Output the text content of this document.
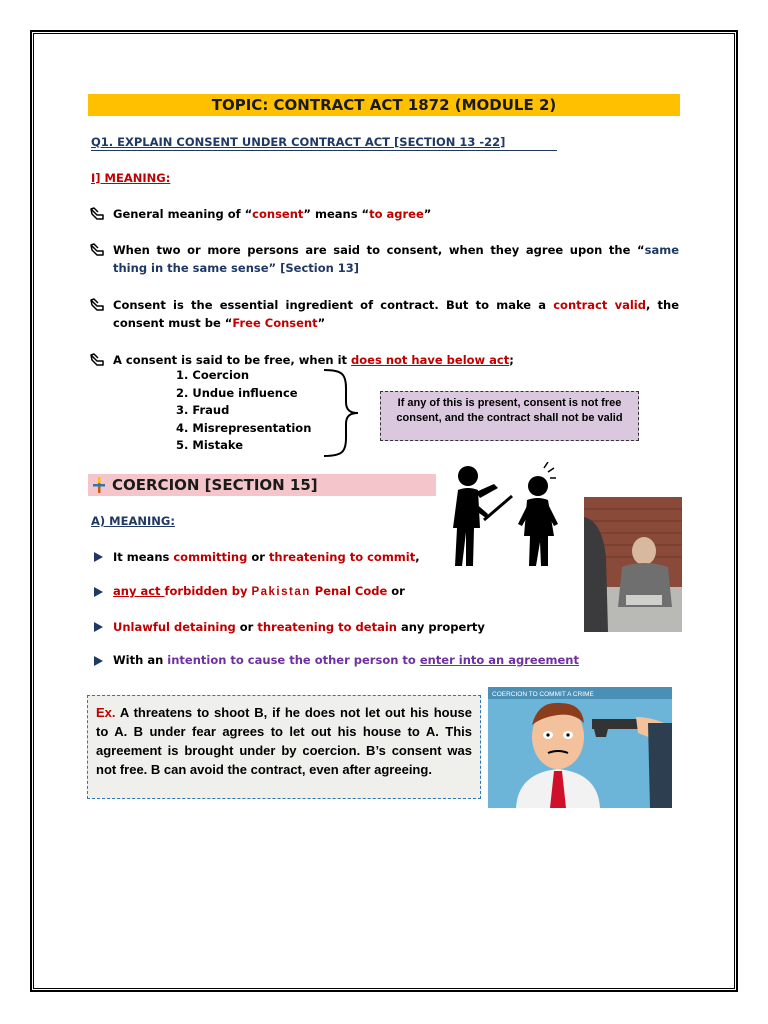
TOPIC: CONTRACT ACT 1872 (MODULE 2)
Q1. EXPLAIN CONSENT UNDER CONTRACT ACT [SECTION 13 -22]
I] MEANING:
General meaning of “consent” means “to agree”
When two or more persons are said to consent, when they agree upon the “same thing in the same sense” [Section 13]
Consent is the essential ingredient of contract. But to make a contract valid, the consent must be “Free Consent”
A consent is said to be free, when it does not have below act;
1. Coercion
2. Undue influence
3. Fraud
4. Misrepresentation
5. Mistake
If any of this is present, consent is not free consent, and the contract shall not be valid
COERCION [SECTION 15]
A) MEANING:
It means committing or threatening to commit,
any act forbidden by Pakistan Penal Code or
Unlawful detaining or threatening to detain any property
With an intention to cause the other person to enter into an agreement
Ex. A threatens to shoot B, if he does not let out his house to A. B under fear agrees to let out his house to A. This agreement is brought under by coercion. B’s consent was not free. B can avoid the contract, even after agreeing.
COERCION TO COMMIT A CRIME
